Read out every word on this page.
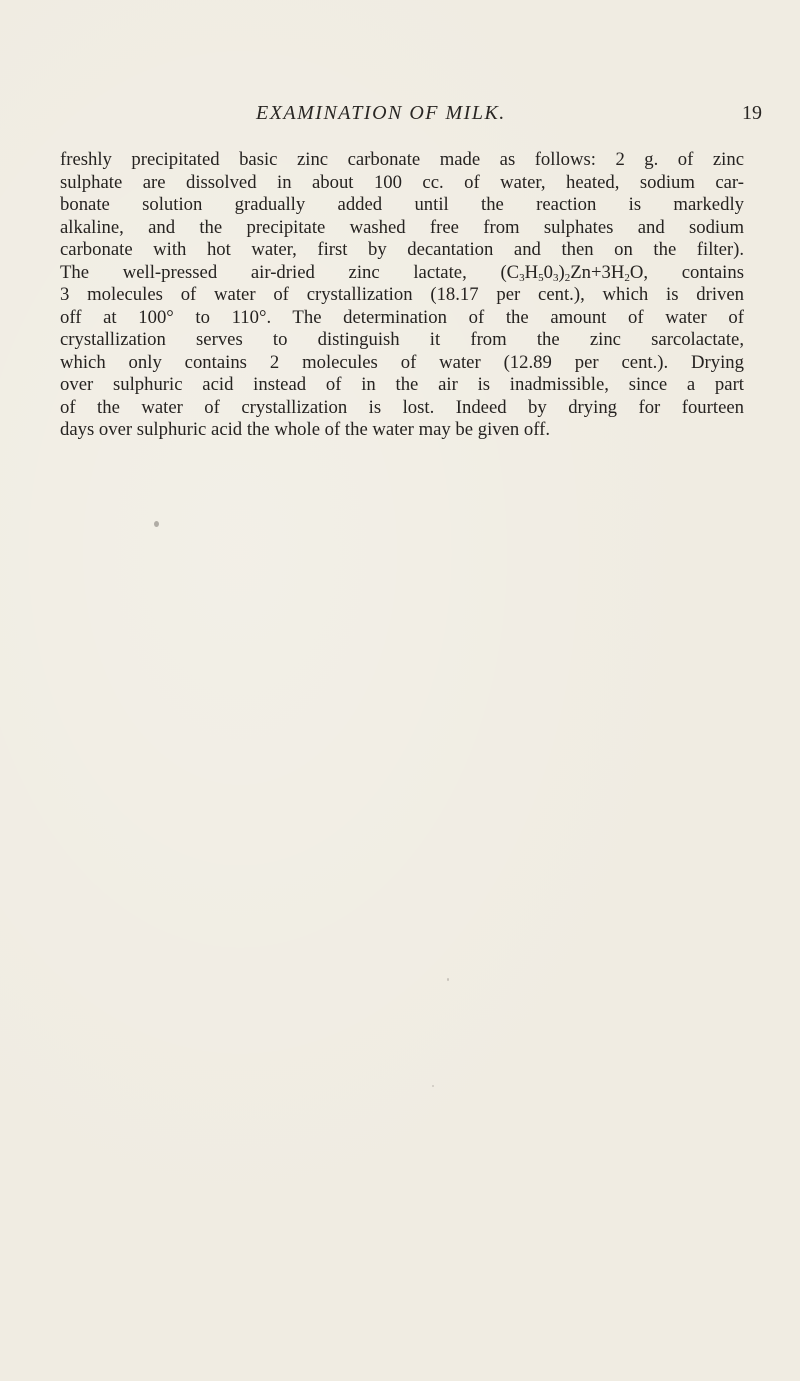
EXAMINATION OF MILK.	19
freshly precipitated basic zinc carbonate made as follows: 2 g. of zinc
sulphate are dissolved in about 100 cc. of water, heated, sodium car-
bonate solution gradually added until the reaction is markedly
alkaline, and the precipitate washed free from sulphates and sodium
carbonate with hot water, first by decantation and then on the filter).
The well-pressed air-dried zinc lactate, $(C_3H_50_3)_2Zn+3H_2O$, contains
3 molecules of water of crystallization (18.17 per cent.), which is driven
off at 100° to 110°. The determination of the amount of water of
crystallization serves to distinguish it from the zinc sarcolactate,
which only contains 2 molecules of water (12.89 per cent.). Drying
over sulphuric acid instead of in the air is inadmissible, since a part
of the water of crystallization is lost. Indeed by drying for fourteen
days over sulphuric acid the whole of the water may be given off.
